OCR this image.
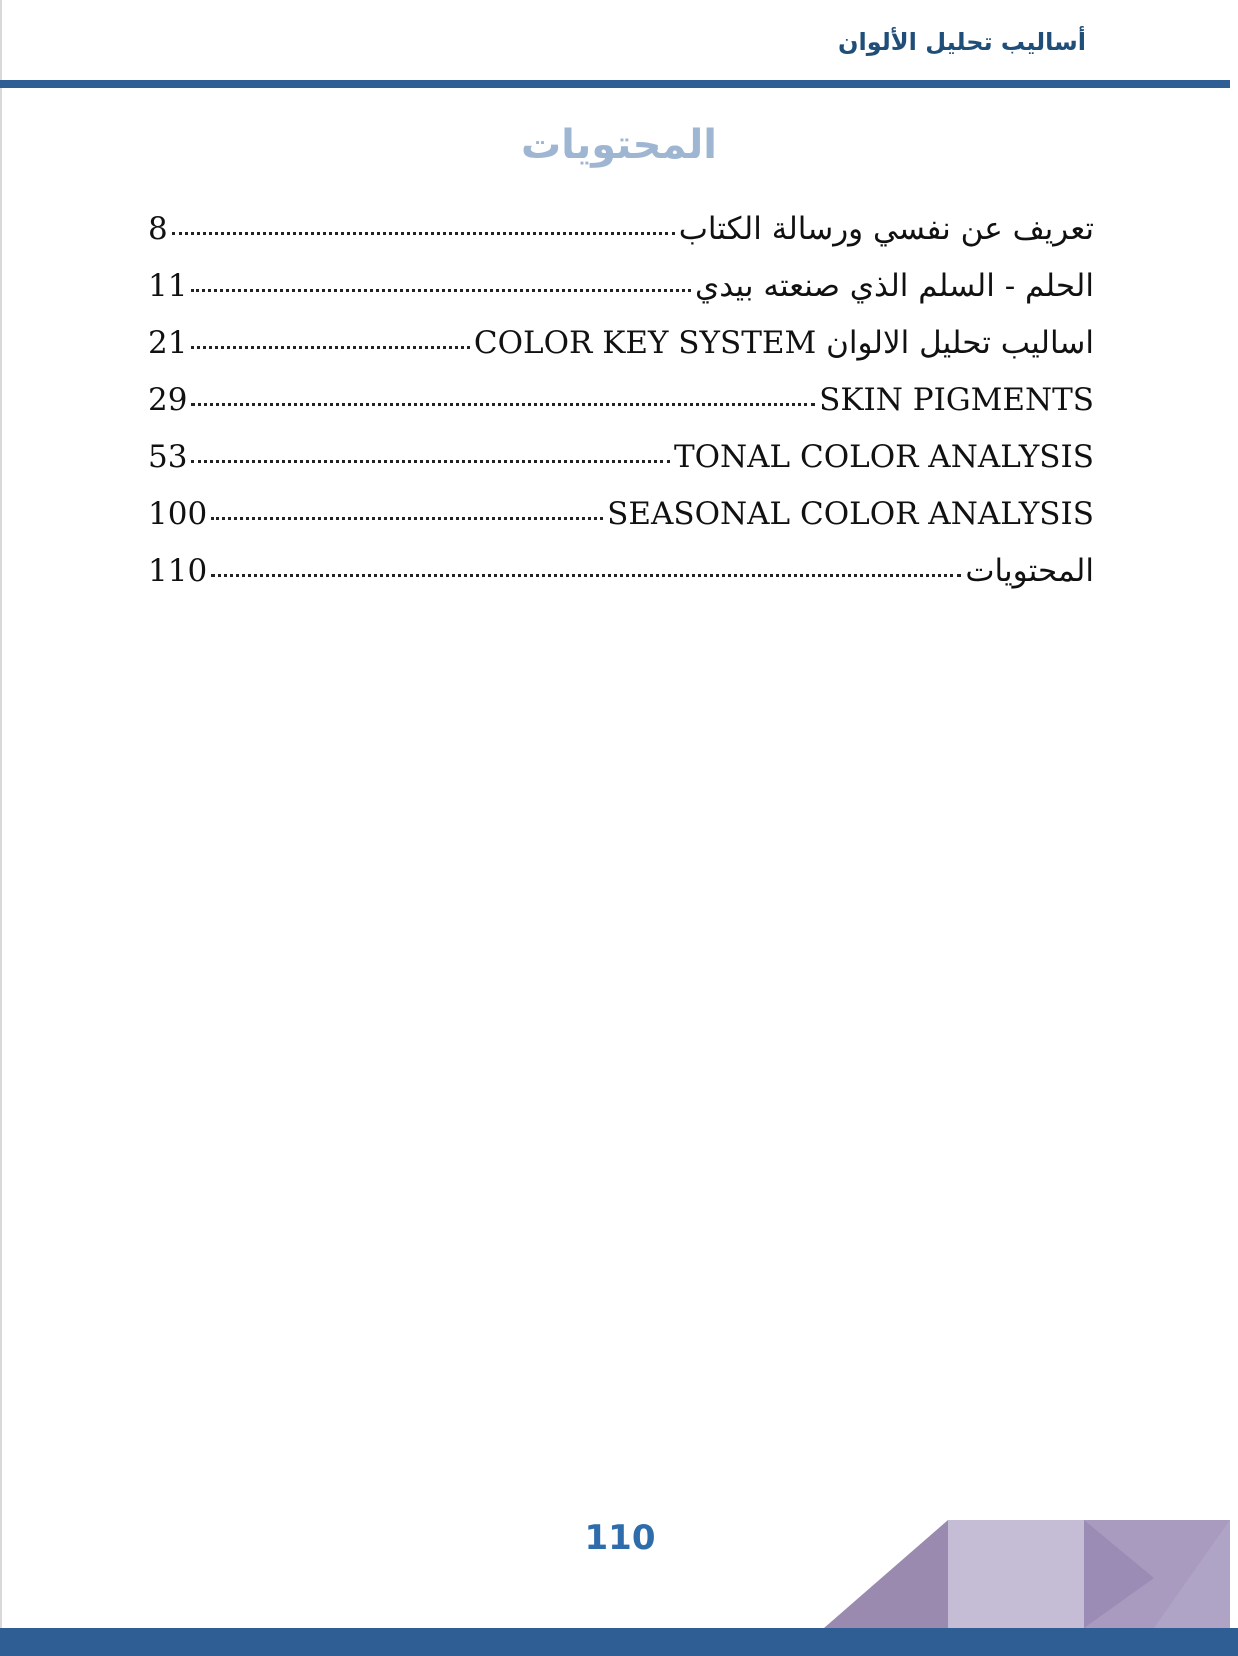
أساليب تحليل الألوان
المحتويات
تعريف عن نفسي ورسالة الكتاب
8
الحلم - السلم الذي صنعته بيدي
11
COLOR KEY SYSTEM اساليب تحليل الالوان
21
SKIN PIGMENTS
29
TONAL COLOR ANALYSIS
53
SEASONAL COLOR ANALYSIS
100
المحتويات
110
110
